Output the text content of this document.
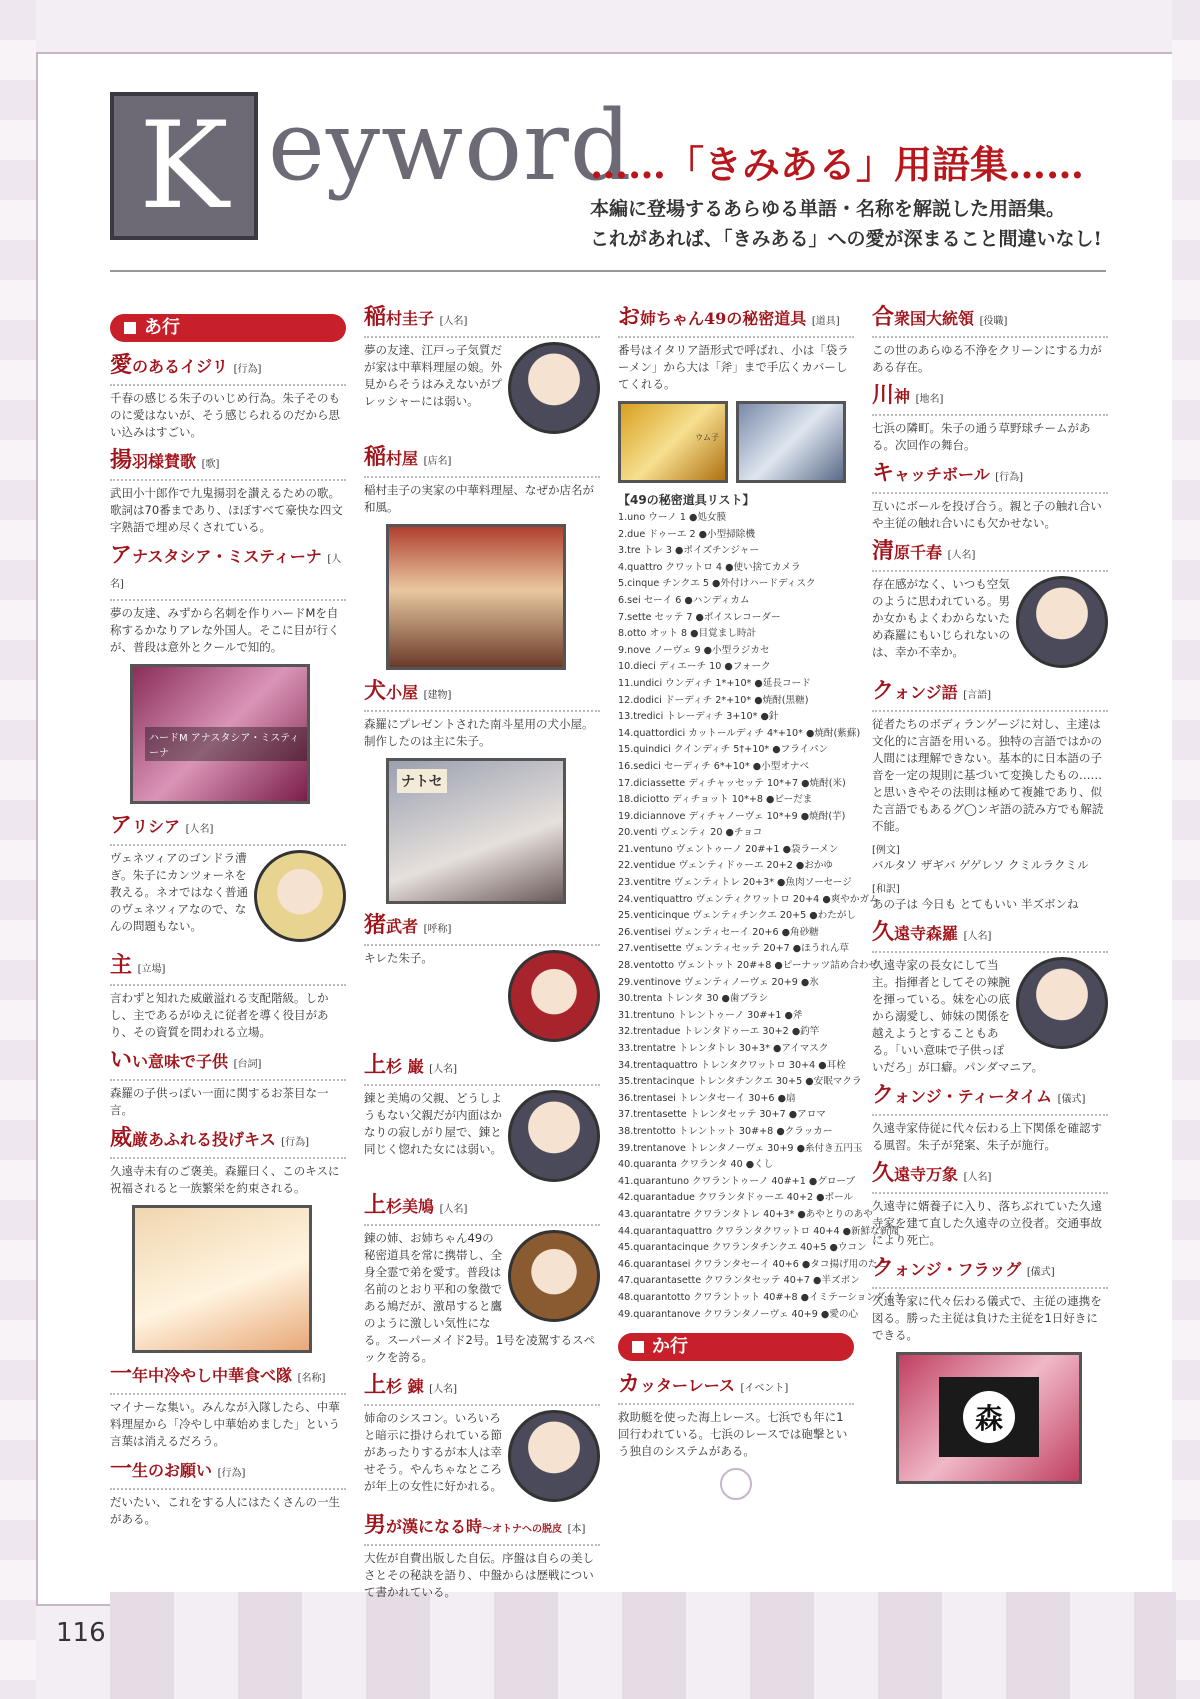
K eyword
……「きみある」用語集……
本編に登場するあらゆる単語・名称を解説した用語集。
これがあれば、「きみある」への愛が深まること間違いなし!
あ行
愛のあるイジリ [行為]
千春の感じる朱子のいじめ行為。朱子そのものに愛はないが、そう感じられるのだから思い込みはすごい。
揚羽様賛歌 [歌]
武田小十郎作で九鬼揚羽を讃えるための歌。歌詞は70番まであり、ほぼすべて豪快な四文字熟語で埋め尽くされている。
アナスタシア・ミスティーナ [人名]
夢の友達、みずから名刺を作りハードMを自称するかなりアレな外国人。そこに目が行くが、普段は意外とクールで知的。
ハードM アナスタシア・ミスティーナ
アリシア [人名]
ヴェネツィアのゴンドラ漕ぎ。朱子にカンツォーネを教える。ネオではなく普通のヴェネツィアなので、なんの問題もない。
主 [立場]
言わずと知れた威厳溢れる支配階級。しかし、主であるがゆえに従者を導く役目があり、その資質を問われる立場。
いい意味で子供 [台詞]
森羅の子供っぽい一面に関するお茶目な一言。
威厳あふれる投げキス [行為]
久遠寺未有のご褒美。森羅曰く、このキスに祝福されると一族繁栄を約束される。
一年中冷やし中華食べ隊 [名称]
マイナーな集い。みんなが入隊したら、中華料理屋から「冷やし中華始めました」という言葉は消えるだろう。
一生のお願い [行為]
だいたい、これをする人にはたくさんの一生がある。
稲村圭子 [人名]
夢の友達、江戸っ子気質だが家は中華料理屋の娘。外見からそうはみえないがプレッシャーには弱い。
稲村屋 [店名]
稲村圭子の実家の中華料理屋、なぜか店名が和風。
犬小屋 [建物]
森羅にプレゼントされた南斗星用の犬小屋。制作したのは主に朱子。
ナトセ
猪武者 [呼称]
キレた朱子。
上杉 巌 [人名]
錬と美鳩の父親、どうしようもない父親だが内面はかなりの寂しがり屋で、錬と同じく惚れた女には弱い。
上杉美鳩 [人名]
錬の姉、お姉ちゃん49の秘密道具を常に携帯し、全身全霊で弟を愛す。普段は名前のとおり平和の象徴である鳩だが、激昂すると鷹のように激しい気性になる。スーパーメイド2号。1号を凌駕するスペックを誇る。
上杉 錬 [人名]
姉命のシスコン。いろいろと暗示に掛けられている節があったりするが本人は幸せそう。やんちゃなところが年上の女性に好かれる。
男が漢になる時～オトナへの脱皮 [本]
大佐が自費出版した自伝。序盤は自らの美しさとその秘訣を語り、中盤からは歴戦について書かれている。
お姉ちゃん49の秘密道具 [道具]
番号はイタリア語形式で呼ばれ、小は「袋ラーメン」から大は「斧」まで手広くカバーしてくれる。
ウム子
【49の秘密道具リスト】
1.uno ウーノ 1 ●処女膜
2.due ドゥーエ 2 ●小型掃除機
3.tre トレ 3 ●ポイズチンジャー
4.quattro クワットロ 4 ●使い捨てカメラ
5.cinque チンクエ 5 ●外付けハードディスク
6.sei セーイ 6 ●ハンディカム
7.sette セッテ 7 ●ボイスレコーダー
8.otto オット 8 ●目覚まし時計
9.nove ノーヴェ 9 ●小型ラジカセ
10.dieci ディエーチ 10 ●フォーク
11.undici ウンディチ 1*+10* ●延長コード
12.dodici ドーディチ 2*+10* ●焼酎(黒糖)
13.tredici トレーディチ 3+10* ●針
14.quattordici カットールディチ 4*+10* ●焼酎(紫蘇)
15.quindici クインディチ 5†+10* ●フライパン
16.sedici セーディチ 6*+10* ●小型オナベ
17.diciassette ディチャッセッテ 10*+7 ●焼酎(米)
18.diciotto ディチョット 10*+8 ●ビーだま
19.diciannove ディチャノーヴェ 10*+9 ●焼酎(芋)
20.venti ヴェンティ 20 ●チョコ
21.ventuno ヴェントゥーノ 20#+1 ●袋ラーメン
22.ventidue ヴェンティドゥーエ 20+2 ●おかゆ
23.ventitre ヴェンティトレ 20+3* ●魚肉ソーセージ
24.ventiquattro ヴェンティクワットロ 20+4 ●爽やかガム
25.venticinque ヴェンティチンクエ 20+5 ●わたがし
26.ventisei ヴェンティセーイ 20+6 ●角砂糖
27.ventisette ヴェンティセッテ 20+7 ●ほうれん草
28.ventotto ヴェントット 20#+8 ●ピーナッツ詰め合わせ
29.ventinove ヴェンティノーヴェ 20+9 ●氷
30.trenta トレンタ 30 ●歯ブラシ
31.trentuno トレントゥーノ 30#+1 ●斧
32.trentadue トレンタドゥーエ 30+2 ●釣竿
33.trentatre トレンタトレ 30+3* ●アイマスク
34.trentaquattro トレンタクワットロ 30+4 ●耳栓
35.trentacinque トレンタチンクエ 30+5 ●安眠マクラ
36.trentasei トレンタセーイ 30+6 ●扇
37.trentasette トレンタセッテ 30+7 ●アロマ
38.trentotto トレントット 30#+8 ●クラッカー
39.trentanove トレンタノーヴェ 30+9 ●糸付き五円玉
40.quaranta クワランタ 40 ●くし
41.quarantuno クワラントゥーノ 40#+1 ●グローブ
42.quarantadue クワランタドゥーエ 40+2 ●ボール
43.quarantatre クワランタトレ 40+3* ●あやとりのあや
44.quarantaquattro クワランタクワットロ 40+4 ●新鮮な新聞
45.quarantacinque クワランタチンクエ 40+5 ●ウコン
46.quarantasei クワランタセーイ 40+6 ●タコ揚げ用のたこ
47.quarantasette クワランタセッテ 40+7 ●半ズボン
48.quarantotto クワラントット 40#+8 ●イミテーションダイヤ
49.quarantanove クワランタノーヴェ 40+9 ●愛の心
か行
カッターレース [イベント]
救助艇を使った海上レース。七浜でも年に1回行われている。七浜のレースでは砲撃という独自のシステムがある。
合衆国大統領 [役職]
この世のあらゆる不浄をクリーンにする力がある存在。
川神 [地名]
七浜の隣町。朱子の通う草野球チームがある。次回作の舞台。
キャッチボール [行為]
互いにボールを投げ合う。親と子の触れ合いや主従の触れ合いにも欠かせない。
清原千春 [人名]
存在感がなく、いつも空気のように思われている。男か女かもよくわからないため森羅にもいじられないのは、幸か不幸か。
クォンジ語 [言語]
従者たちのボディランゲージに対し、主達は文化的に言語を用いる。独特の言語ではかの人間には理解できない。基本的に日本語の子音を一定の規則に基づいて変換したもの……と思いきやその法則は極めて複雑であり、似た言語でもあるグ◯ンギ語の読み方でも解読不能。
[例文]
バルタソ ザギバ ゲゲレソ クミルラクミル
[和訳]
あの子は 今日も とてもいい 半ズボンね
久遠寺森羅 [人名]
久遠寺家の長女にして当主。指揮者としてその辣腕を揮っている。妹を心の底から溺愛し、姉妹の関係を越えようとすることもある。「いい意味で子供っぽいだろ」が口癖。パンダマニア。
クォンジ・ティータイム [儀式]
久遠寺家侍従に代々伝わる上下関係を確認する風習。朱子が発案、朱子が施行。
久遠寺万象 [人名]
久遠寺に婿養子に入り、落ちぶれていた久遠寺家を建て直した久遠寺の立役者。交通事故により死亡。
クォンジ・フラッグ [儀式]
久遠寺家に代々伝わる儀式で、主従の連携を図る。勝った主従は負けた主従を1日好きにできる。
森
116
